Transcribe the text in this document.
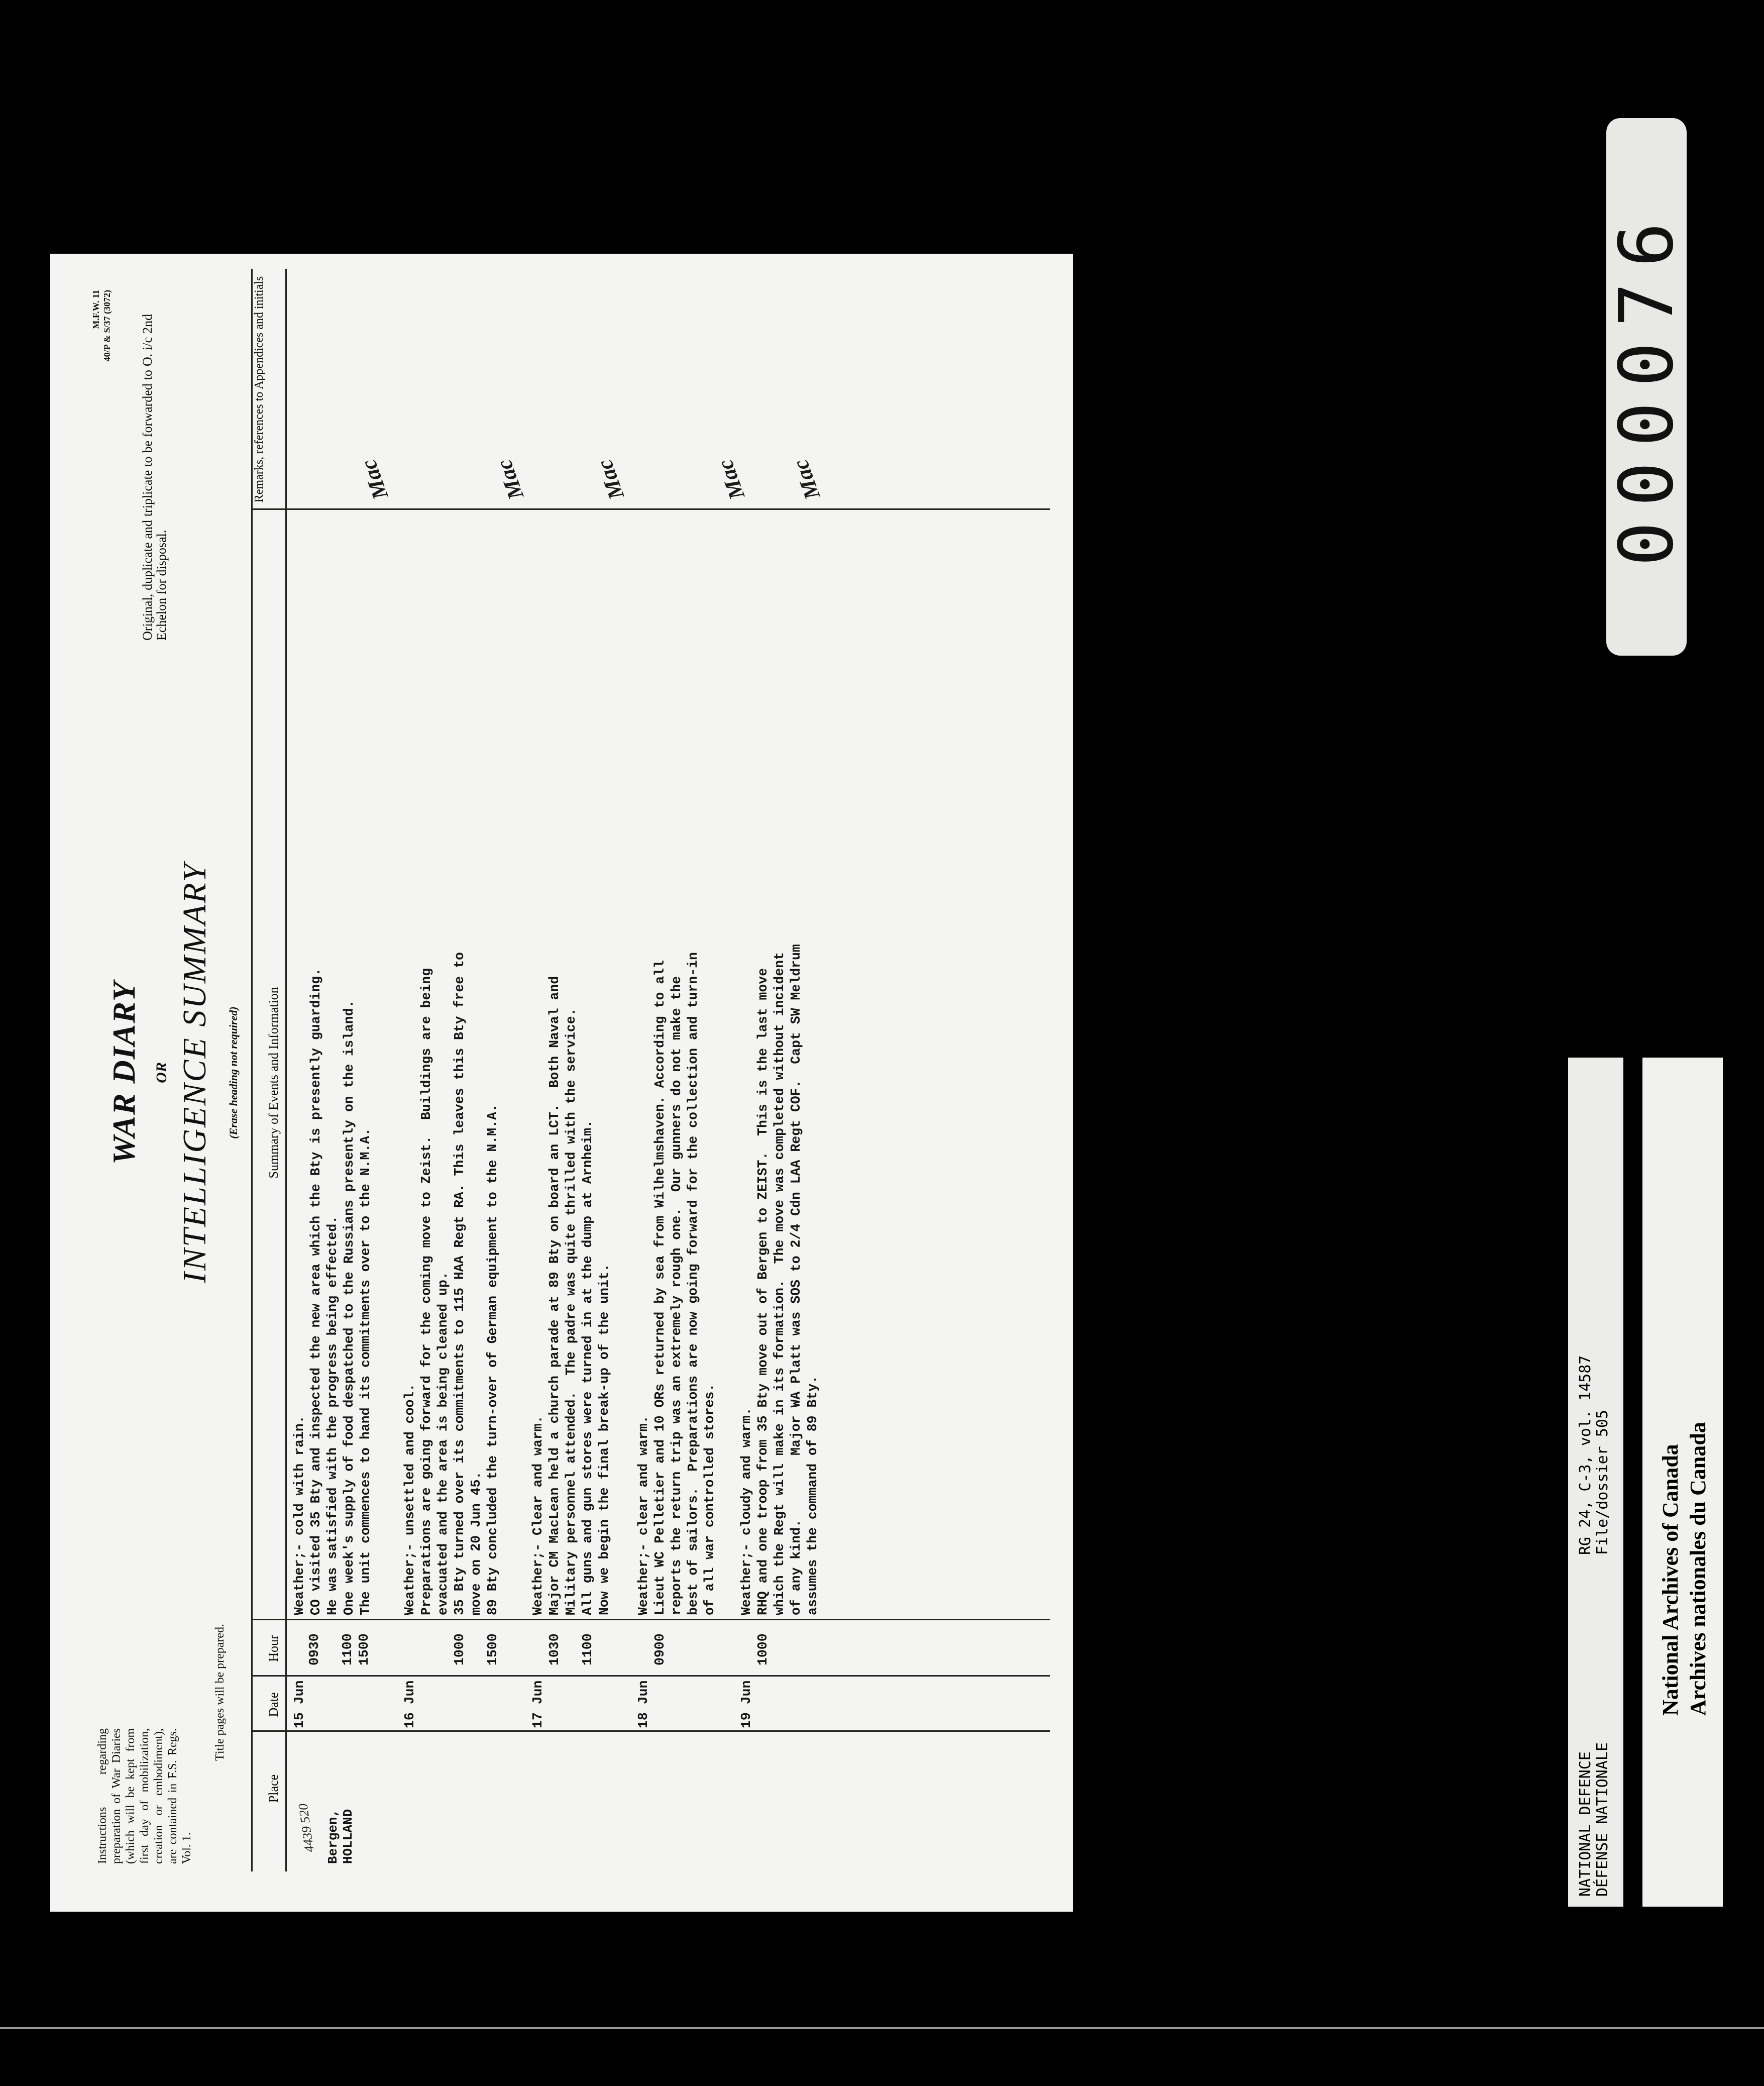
Instructions regarding preparation of War Diaries (which will be kept from first day of mobilization, creation or embodiment), are contained in F.S. Regs. Vol. 1.
Title pages will be prepared.
M.F.W. 11 40/P & S/37 (3072) Original, duplicate and triplicate to be forwarded to O. i/c 2nd Echelon for disposal.
WAR DIARY OR INTELLIGENCE SUMMARY (Erase heading not required)
Place
Date
Hour
Summary of Events and Information
Remarks, references to Appendices and initials
4439 520 Bergen, HOLLAND
15 Jun
0930

1100
1500
Weather;- cold with rain.
CO visited 35 Bty and inspected the new area which the Bty is presently guarding.
He was satisfied with the progress being effected.
One week's supply of food despatched to the Russians presently on the island.
The unit commences to hand its commitments over to the N.M.A.
Mac
16 Jun

1000

1500
Weather;- unsettled and cool.
Preparations are going forward for the coming move to Zeist.  Buildings are being
evacuated and the area is being cleaned up.
35 Bty turned over its commitments to 115 HAA Regt RA. This leaves this Bty free to
move on 20 Jun 45.
89 Bty concluded the turn-over of German equipment to the N.M.A.
Mac
17 Jun
1030

1100
Weather;- Clear and warm.
Major CM MacLean held a church parade at 89 Bty on board an LCT.  Both Naval and
Military personnel attended.  The padre was quite thrilled with the service.
All guns and gun stores were turned in at the dump at Arnheim.
Now we begin the final break-up of the unit.
Mac
18 Jun
0900
Weather;- clear and warm.
Lieut WC Pelletier and 10 ORs returned by sea from Wilhelmshaven. According to all
reports the return trip was an extremely rough one.  Our gunners do not make the
best of sailors.  Preparations are now going forward for the collection and turn-in
of all war controlled stores.
Mac
19 Jun
1000
Weather;- cloudy and warm.
RHQ and one troop from 35 Bty move out of Bergen to ZEIST.  This is the last move
which the Regt will make in its formation.  The move was completed without incident
of any kind.        Major WA Platt was SOS to 2/4 Cdn LAA Regt COF.  Capt SW Meldrum
assumes the command of 89 Bty.
Mac	000076
NATIONAL DEFENCE DÉFENSE NATIONALE
RG 24, C-3, vol. 14587 File/dossier 505 National Archives of Canada Archives nationales du Canada
